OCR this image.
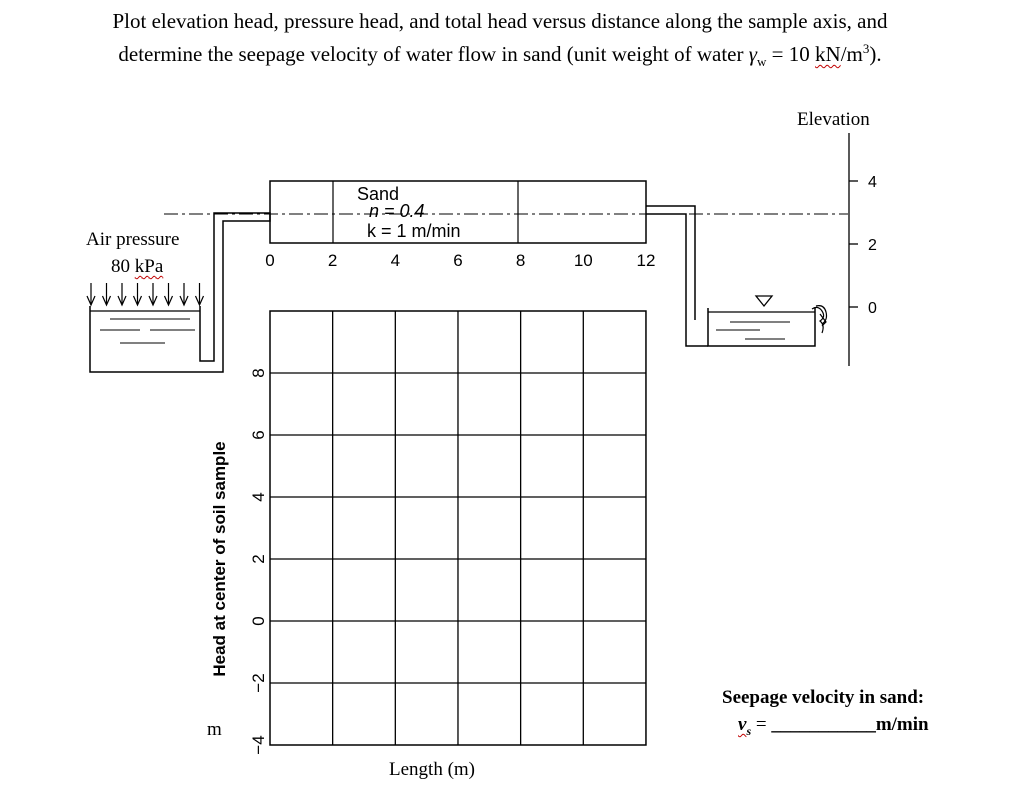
Plot elevation head, pressure head, and total head versus distance along the sample axis, and
determine the seepage velocity of water flow in sand (unit weight of water $\gamma_w = 10$ $kN/m^3$).
4
2
0
0	2	4	6	8	10	12
8
6
4
2
0
−2
−4
Air pressure
80 kPa
Sand
n = 0.4
k = 1 m/min
Elevation
Length (m)
Head at center of soil sample
m
Seepage velocity in sand:
$v_s$ = ___________m/min
